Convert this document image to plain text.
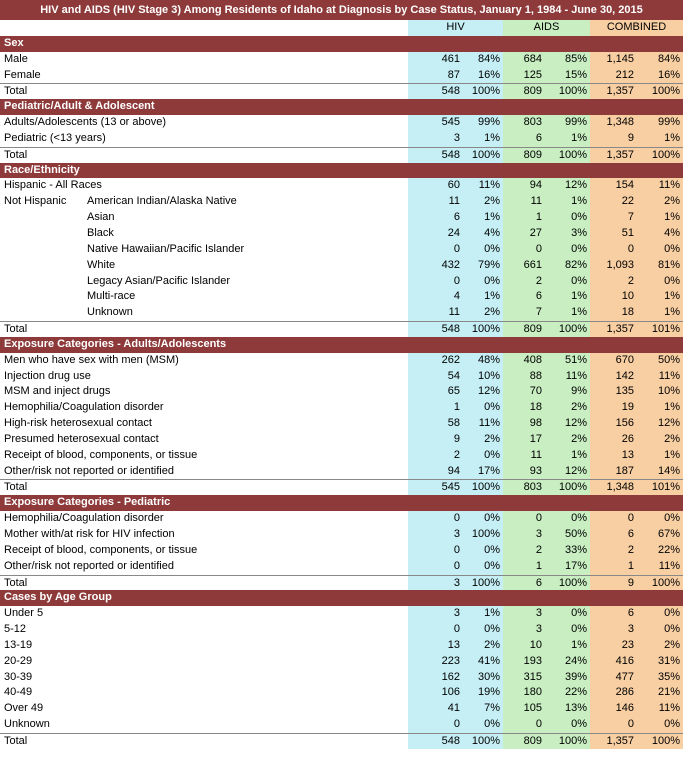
HIV and AIDS (HIV Stage 3) Among Residents of Idaho at Diagnosis by Case Status, January 1, 1984 - June 30, 2015
HIV	AIDS	COMBINED
Sex
Male	461	84%	684	85%	1,145	84%
Female	87	16%	125	15%	212	16%
Total	548	100%	809	100%	1,357	100%
Pediatric/Adult & Adolescent
Adults/Adolescents (13 or above)	545	99%	803	99%	1,348	99%
Pediatric (<13 years)	3	1%	6	1%	9	1%
Total	548	100%	809	100%	1,357	100%
Race/Ethnicity
Hispanic - All Races	60	11%	94	12%	154	11%
Not Hispanic	American Indian/Alaska Native	11	2%	11	1%	22	2%
Asian	6	1%	1	0%	7	1%
Black	24	4%	27	3%	51	4%
Native Hawaiian/Pacific Islander	0	0%	0	0%	0	0%
White	432	79%	661	82%	1,093	81%
Legacy Asian/Pacific Islander	0	0%	2	0%	2	0%
Multi-race	4	1%	6	1%	10	1%
Unknown	11	2%	7	1%	18	1%
Total	548	100%	809	100%	1,357	101%
Exposure Categories - Adults/Adolescents
Men who have sex with men (MSM)	262	48%	408	51%	670	50%
Injection drug use	54	10%	88	11%	142	11%
MSM and inject drugs	65	12%	70	9%	135	10%
Hemophilia/Coagulation disorder	1	0%	18	2%	19	1%
High-risk heterosexual contact	58	11%	98	12%	156	12%
Presumed heterosexual contact	9	2%	17	2%	26	2%
Receipt of blood, components, or tissue	2	0%	11	1%	13	1%
Other/risk not reported or identified	94	17%	93	12%	187	14%
Total	545	100%	803	100%	1,348	101%
Exposure Categories - Pediatric
Hemophilia/Coagulation disorder	0	0%	0	0%	0	0%
Mother with/at risk for HIV infection	3	100%	3	50%	6	67%
Receipt of blood, components, or tissue	0	0%	2	33%	2	22%
Other/risk not reported or identified	0	0%	1	17%	1	11%
Total	3	100%	6	100%	9	100%
Cases by Age Group
Under 5	3	1%	3	0%	6	0%
5-12	0	0%	3	0%	3	0%
13-19	13	2%	10	1%	23	2%
20-29	223	41%	193	24%	416	31%
30-39	162	30%	315	39%	477	35%
40-49	106	19%	180	22%	286	21%
Over 49	41	7%	105	13%	146	11%
Unknown	0	0%	0	0%	0	0%
Total	548	100%	809	100%	1,357	100%
